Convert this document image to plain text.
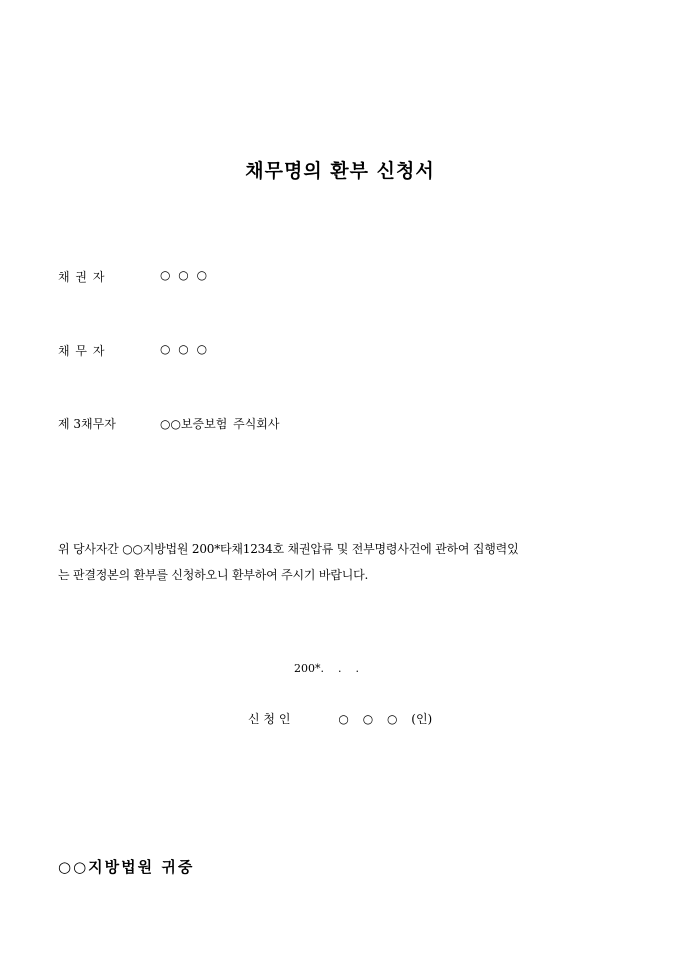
채무명의 환부 신청서
채 권 자	○ ○ ○
채 무 자	○ ○ ○
제 3채무자	○○보증보험 주식회사
위 당사자간 ○○지방법원 200*타채1234호 채권압류 및 전부명령사건에 관하여 집행력있
는 판결정본의 환부를 신청하오니 환부하여 주시기 바랍니다.
200*.    .    .
신 청 인	○ ○ ○ (인)
○○지방법원 귀중
